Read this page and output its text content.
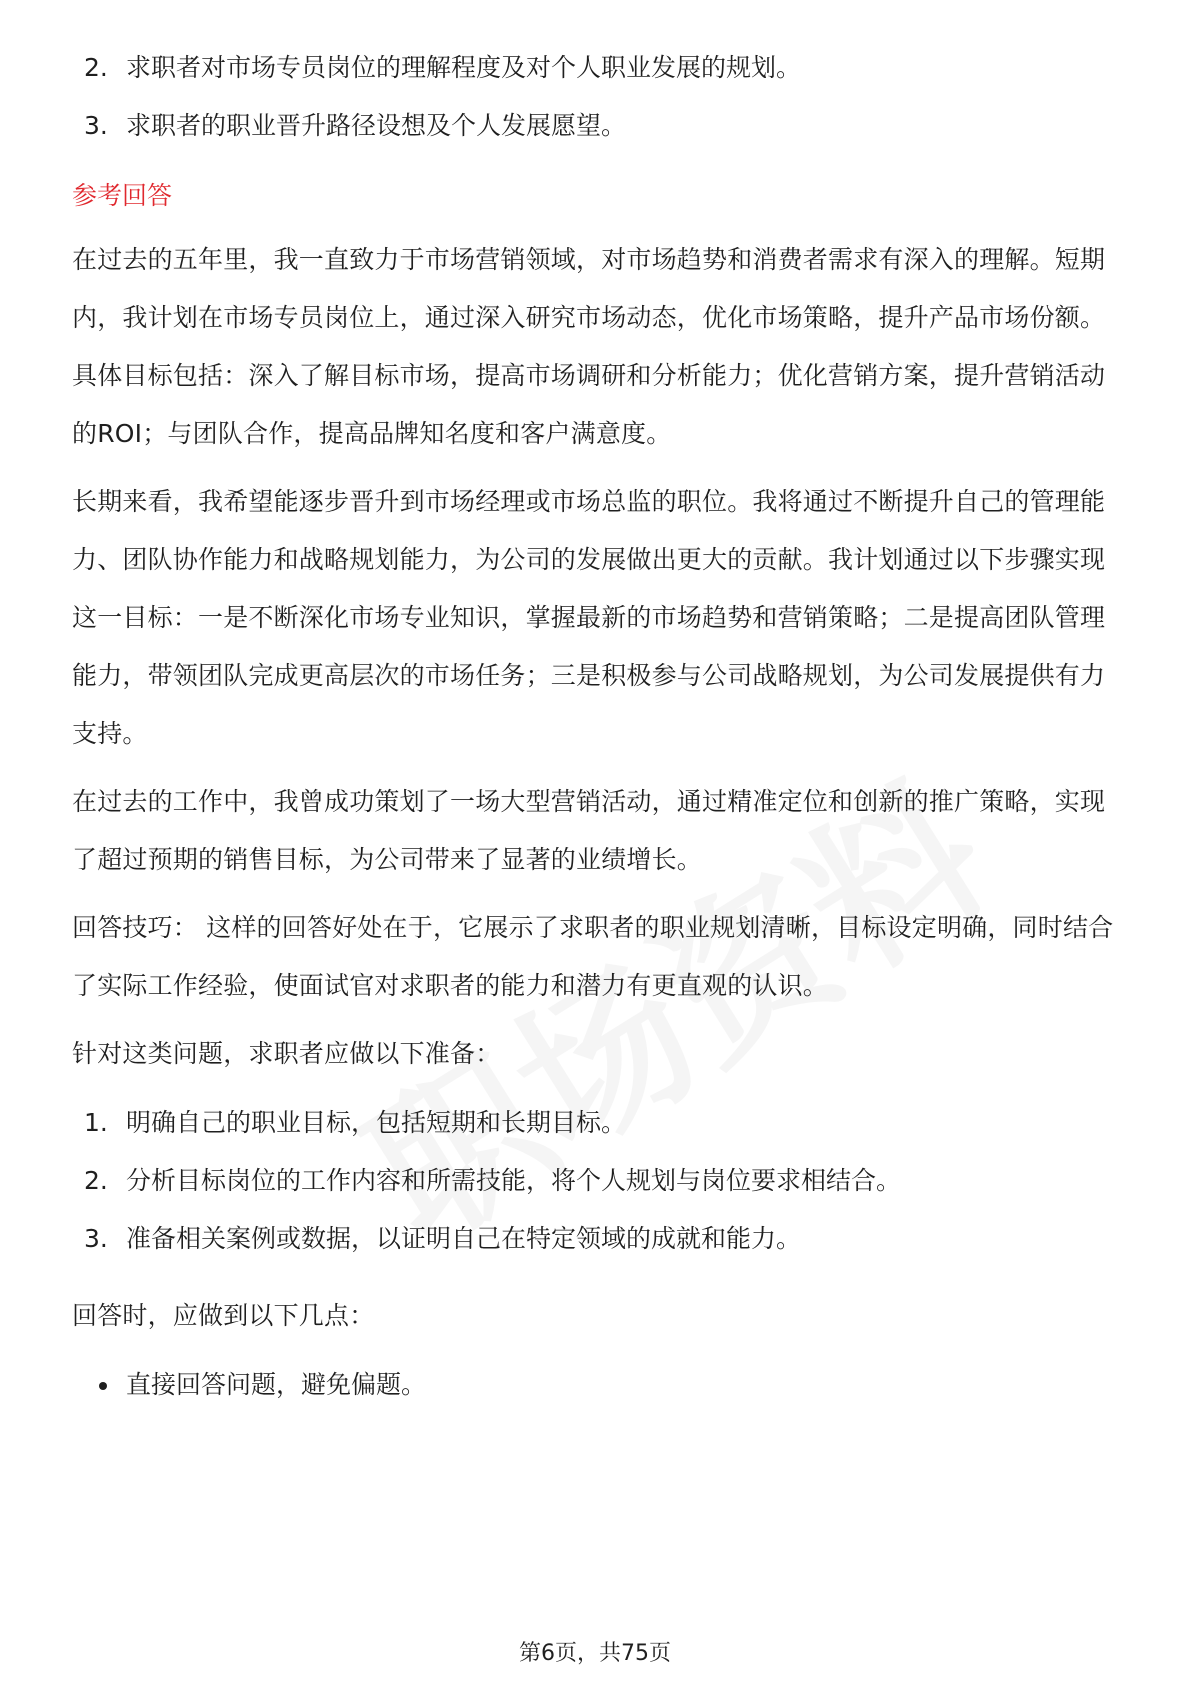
2. 求职者对市场专员岗位的理解程度及对个人职业发展的规划。
3. 求职者的职业晋升路径设想及个人发展愿望。
参考回答

在过去的五年里，我一直致力于市场营销领域，对市场趋势和消费者需求有深入的理解。短期内，我计划在市场专员岗位上，通过深入研究市场动态，优化市场策略，提升产品市场份额。具体目标包括：深入了解目标市场，提高市场调研和分析能力；优化营销方案，提升营销活动的ROI；与团队合作，提高品牌知名度和客户满意度。

长期来看，我希望能逐步晋升到市场经理或市场总监的职位。我将通过不断提升自己的管理能力、团队协作能力和战略规划能力，为公司的发展做出更大的贡献。我计划通过以下步骤实现这一目标：一是不断深化市场专业知识，掌握最新的市场趋势和营销策略；二是提高团队管理能力，带领团队完成更高层次的市场任务；三是积极参与公司战略规划，为公司发展提供有力支持。

在过去的工作中，我曾成功策划了一场大型营销活动，通过精准定位和创新的推广策略，实现了超过预期的销售目标，为公司带来了显著的业绩增长。

回答技巧： 这样的回答好处在于，它展示了求职者的职业规划清晰，目标设定明确，同时结合了实际工作经验，使面试官对求职者的能力和潜力有更直观的认识。

针对这类问题，求职者应做以下准备：

1. 明确自己的职业目标，包括短期和长期目标。
2. 分析目标岗位的工作内容和所需技能，将个人规划与岗位要求相结合。
3. 准备相关案例或数据，以证明自己在特定领域的成就和能力。

回答时，应做到以下几点：

直接回答问题，避免偏题。
第6页，共75页
